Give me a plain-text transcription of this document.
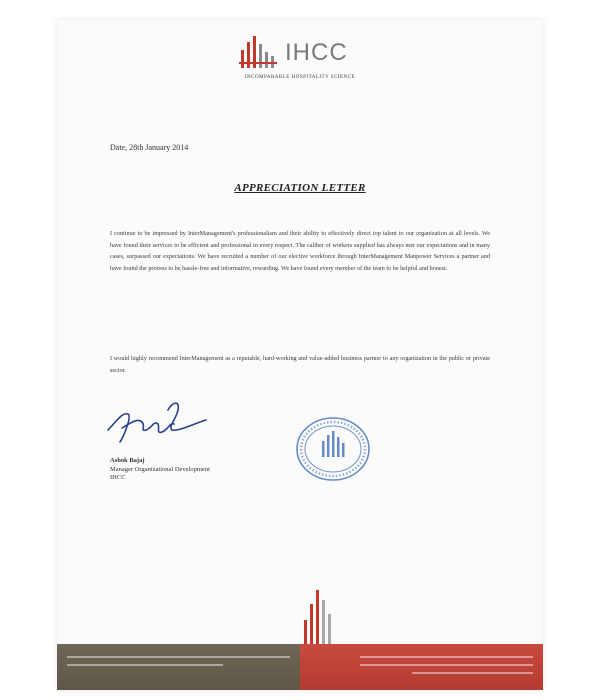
IHCC
INCOMPARABLE HOSPITALITY SCIENCE
Date, 28th January 2014
APPRECIATION LETTER

I continue to be impressed by InterManagement's professionalism and their ability to effectively direct top talent to our organization at all levels. We have found their services to be efficient and professional in every respect. The caliber of workers supplied has always met our expectations and in many cases, surpassed our expectations. We have recruited a number of our elective workforce through InterManagement Manpower Services a partner and have found the process to be hassle-free and informative, rewarding. We have found every member of the team to be helpful and honest.

I would highly recommend InterManagement as a reputable, hard-working and value-added business partner to any organization in the public or private sector.

Ashok Bajaj
Manager Organizational Development
IHCC
